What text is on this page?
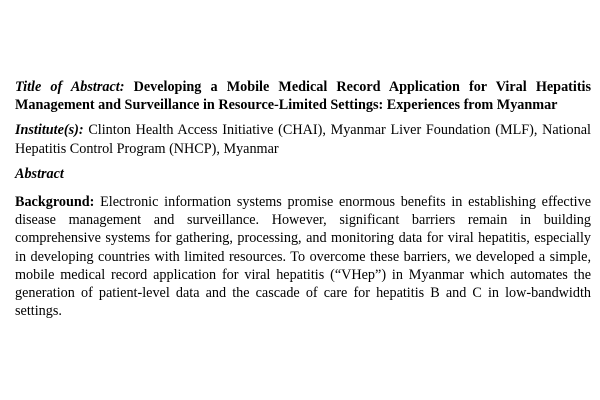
Title of Abstract: Developing a Mobile Medical Record Application for Viral Hepatitis Management and Surveillance in Resource-Limited Settings: Experiences from Myanmar

Institute(s): Clinton Health Access Initiative (CHAI), Myanmar Liver Foundation (MLF), National Hepatitis Control Program (NHCP), Myanmar

Abstract

Background: Electronic information systems promise enormous benefits in establishing effective disease management and surveillance. However, significant barriers remain in building comprehensive systems for gathering, processing, and monitoring data for viral hepatitis, especially in developing countries with limited resources. To overcome these barriers, we developed a simple, mobile medical record application for viral hepatitis (“VHep”) in Myanmar which automates the generation of patient-level data and the cascade of care for hepatitis B and C in low-bandwidth settings.
